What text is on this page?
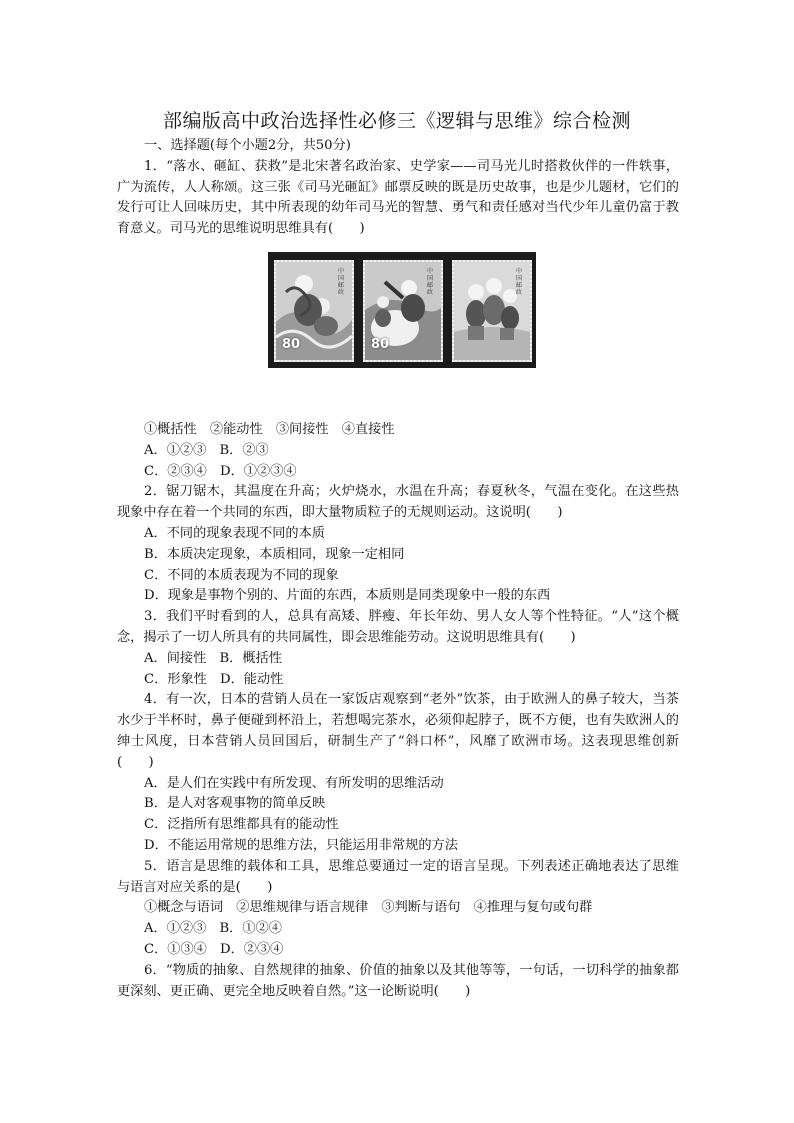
部编版高中政治选择性必修三《逻辑与思维》综合检测

一、选择题(每个小题2分，共50分)

1．“落水、砸缸、获救”是北宋著名政治家、史学家——司马光儿时搭救伙伴的一件轶事，广为流传，人人称颂。这三张《司马光砸缸》邮票反映的既是历史故事，也是少儿题材，它们的发行可让人回味历史，其中所表现的幼年司马光的智慧、勇气和责任感对当代少年儿童仍富于教育意义。司马光的思维说明思维具有(　　)

中国邮政
80
中国邮政
80
中国邮政

①概括性　②能动性　③间接性　④直接性

A．①②③　B．②③

C．②③④　D．①②③④

2．锯刀锯木，其温度在升高；火炉烧水，水温在升高；春夏秋冬，气温在变化。在这些热现象中存在着一个共同的东西，即大量物质粒子的无规则运动。这说明(　　)

A．不同的现象表现不同的本质

B．本质决定现象，本质相同，现象一定相同

C．不同的本质表现为不同的现象

D．现象是事物个别的、片面的东西，本质则是同类现象中一般的东西

3．我们平时看到的人，总具有高矮、胖瘦、年长年幼、男人女人等个性特征。“人”这个概念，揭示了一切人所具有的共同属性，即会思维能劳动。这说明思维具有(　　)

A．间接性　B．概括性

C．形象性　D．能动性

4．有一次，日本的营销人员在一家饭店观察到“老外”饮茶，由于欧洲人的鼻子较大，当茶水少于半杯时，鼻子便碰到杯沿上，若想喝完茶水，必须仰起脖子，既不方便，也有失欧洲人的绅士风度，日本营销人员回国后，研制生产了“斜口杯”，风靡了欧洲市场。这表现思维创新(　　)

A．是人们在实践中有所发现、有所发明的思维活动

B．是人对客观事物的简单反映

C．泛指所有思维都具有的能动性

D．不能运用常规的思维方法，只能运用非常规的方法

5．语言是思维的载体和工具，思维总要通过一定的语言呈现。下列表述正确地表达了思维与语言对应关系的是(　　)

①概念与语词　②思维规律与语言规律　③判断与语句　④推理与复句或句群

A．①②③　B．①②④

C．①③④　D．②③④

6．“物质的抽象、自然规律的抽象、价值的抽象以及其他等等，一句话，一切科学的抽象都更深刻、更正确、更完全地反映着自然。”这一论断说明(　　)
